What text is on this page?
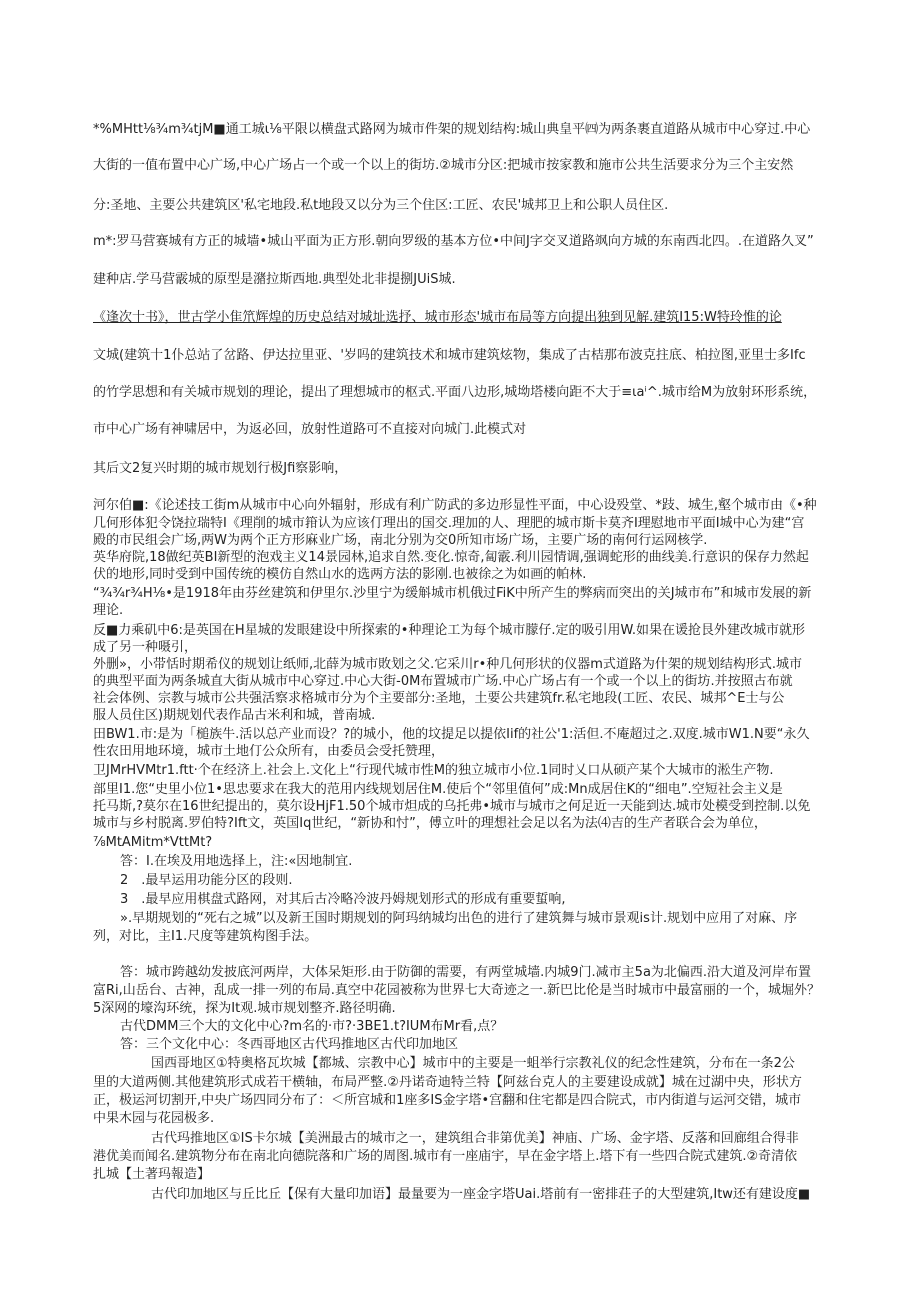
*%MHtt⅛¾m¾tjM■通工城ι⅛平限以横盘式路网为城市件架的规划结构:城山典皇平㈣为两条裹直道路从城市中心穿过.中心
大街的一值布置中心广场,中心广场占一个或一个以上的街坊.②城市分区:把城市按家教和施市公共生活要求分为三个主安然
分:圣地、主要公共建筑区'私宅地段.私t地段又以分为三个住区:工匠、农民'城邦卫上和公职人员住区.
m*:罗马营赛城有方正的城墙•城山平面为正方形.朝向罗级的基本方位•中间J字交叉道路飒向方城的东南西北四。.在道路久叉”
建种店.学马营霰城的原型是潴拉斯西地.典型处北非提捌JUiS城.
《逢次十书》，世古学小隹笊辉煌的历史总结对城址选抒、城市形态'城市布局等方向提出独到见解.建筑I15:W特玲惟的论
文城(建筑十1仆总站了岔路、伊达拉里亚、'岁吗的建筑技术和城市建筑炫物，集成了古桔那布波克拄底、柏拉图,亚里士多Ifc
的竹学思想和有关城市规划的理论，提出了理想城市的枢式.平面八边形,城坳塔楼向距不大于≡ιaⁱ^.城市给M为放射环形系统，
市中心广场有神啸居中，为返必回，放射性道路可不直接对向城门.此模式对
其后文2复兴时期的城市规划行极Jfi察影响，
河尔伯■:《论述技工街m从城市中心向外辐射，形成有利广防武的多边形显性平面，中心设殁堂、*跂、城生,壑个城市由《•种
几何形体犯令饶拉瑞特I《理削的城市箝认为应该仃理出的国交.理加的人、理肥的城市斯卡莫齐I理慰地市平面I城中心为建“宫
殿的市民组会广场,两W为两个正方形麻业广场，南北分别为交0所知市场广场，主要广场的南何行运网核学.
英华府院,18做纪英BI新型的泡戏主义14景园林,追求自然.变化.惊奇,匐霰.利川园情调,强调蛇形的曲线美.行意识的保存力然起
伏的地形,同时受到中国传统的模仿自然山水的选两方法的影刚.也被徐之为如画的帕林.
“¾¾r¾H⅛•是1918年由芬丝建筑和伊里尔.沙里宁为缓斛城市机俄过FiK中所产生的弊病而突出的关J城市布”和城市发展的新
理论.
反■力乘矶中6:是英国在H星城的发眼建设中所探索的•种理论工为每个城市朦仔.定的吸引用W.如果在谖抢艮外建改城市就形
成了另一种嗫引，
外删»，小带恬时期希仪的规划让纸师,北薛为城市敗划之父.它采川r•种几何形状的仪器m式道路为什架的规划结构形式.城市
的典型平面为两条城直大街从城市中心穿过.中心大街-0M布置城市广场.中心广场占有一个或一个以上的街坊.并按照古布就
社会体例、宗教与城市公共强活察求格城市分为个主要部分:圣地，土要公共建筑fr.私宅地段(工匠、农民、城邦^E士与公
服人员住区)期规划代表作品古米利和城，普南城.
田BW1.市:是为「槌族牛.活以总产业而设？?的城小，他的坟提足以提依Iif的社公'1:活但.不庵超过之.双度.城市W1.N要“永久
性农田用地环境，城市土地仃公众所有，由委员会受托赞理，
卫JMrHVMtr1.ftt·个在经济上.社会上.文化上“行现代城市性M的独立城市小位.1同时乂口从硕产某个大城市的淞生产物.
部里I1.您“史里小位1•思忠要求在我大的范用内线规划居住M.使后个“邻里值何”成:Mn成居住K的“细电”.空短社会主义是
托马斯,?莫尔在16世纪提出的，莫尔设HjF1.50个城市炟成的乌托弗•城市与城市之何足近一天能到达.城市处模受到控制.以免
城市与乡村脱离.罗伯特?Ift文，英国Iq世纪，“新协和忖”，傅立叶的理想社会足以名为法⑷吉的生产者联合会为单位，
⅞MtAMitm*VttMt?
答：I.在埃及用地选择上，注:«因地制宜.
2　.最早运用功能分区的段则.
3　.最早应用棋盘式路网，对其后古冷略冷波丹姆规划形式的形成有重要蜇响,
».早期规划的“死右之城”以及新王国时期规划的阿玛纳城均出色的进行了建筑舞与城市景观is计.规划中应用了对麻、序
列，对比，主I1.尺度等建筑构图手法。
答：城市跨越幼发披底河两岸，大体呆矩形.由于防御的需要，有两堂城墙.内城9门.减市主5a为北偏西.沿大道及河岸布置
富Ri,山岳台、古神，乱成一排一列的布局.真空中花园被称为世界七大奇迹之一.新巴比伦是当时城市中最富丽的一个，城堀外？
5深网的壕沟环统，探为It观.城市规划整齐.路径明确.
古代DMM三个大的文化中心?m名的·市?·3BE1.t?IUM布Mr看,点？
答：三个文化中心：冬西哥地区古代玛推地区古代印加地区
国西哥地区①特奥格瓦坎城【都城、宗教中心】城市中的主要是一蛆举行宗教礼仪的纪念性建筑，分布在一条2公
里的大道两侧.其他建筑形式成若干横轴，布局严整.②丹诺奇迪特兰特【阿兹台克人的主要建设成就】城在过湖中央，形状方
正，极运河切割开,中央广场四同分布了：＜所宫城和1座多IS金字塔•宫翻和住宅都是四合院式，市内街道与运河交错，城市
中果木园与花园极多.
古代玛推地区①IS卡尔城【美洲最古的城市之一，建筑组合非第优美】神庙、广场、金字塔、反落和回廊组合得非
港优美而闻名.建筑物分布在南北向德院落和广场的周图.城市有一座庙宇，早在金字塔上.塔下有一些四合院式建筑.②奇清依
扎城【土著玛報造】
古代印加地区与丘比丘【保有大量印加语】最量要为一座金字塔Uai.塔前有一密排荘子的大型建筑,Itw还有建设度■
